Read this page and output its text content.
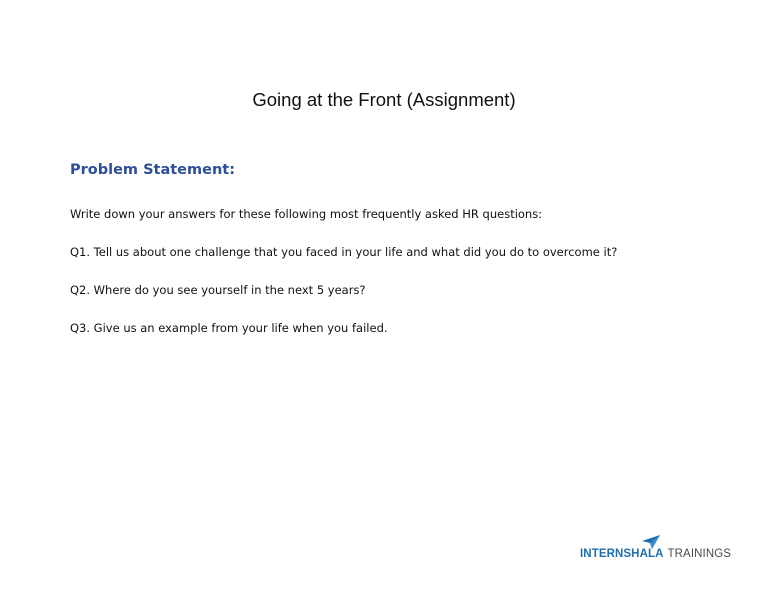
Going at the Front (Assignment)
Problem Statement:

Write down your answers for these following most frequently asked HR questions:

Q1. Tell us about one challenge that you faced in your life and what did you do to overcome it?

Q2. Where do you see yourself in the next 5 years?

Q3. Give us an example from your life when you failed.

INTERNSHALA TRAININGS
